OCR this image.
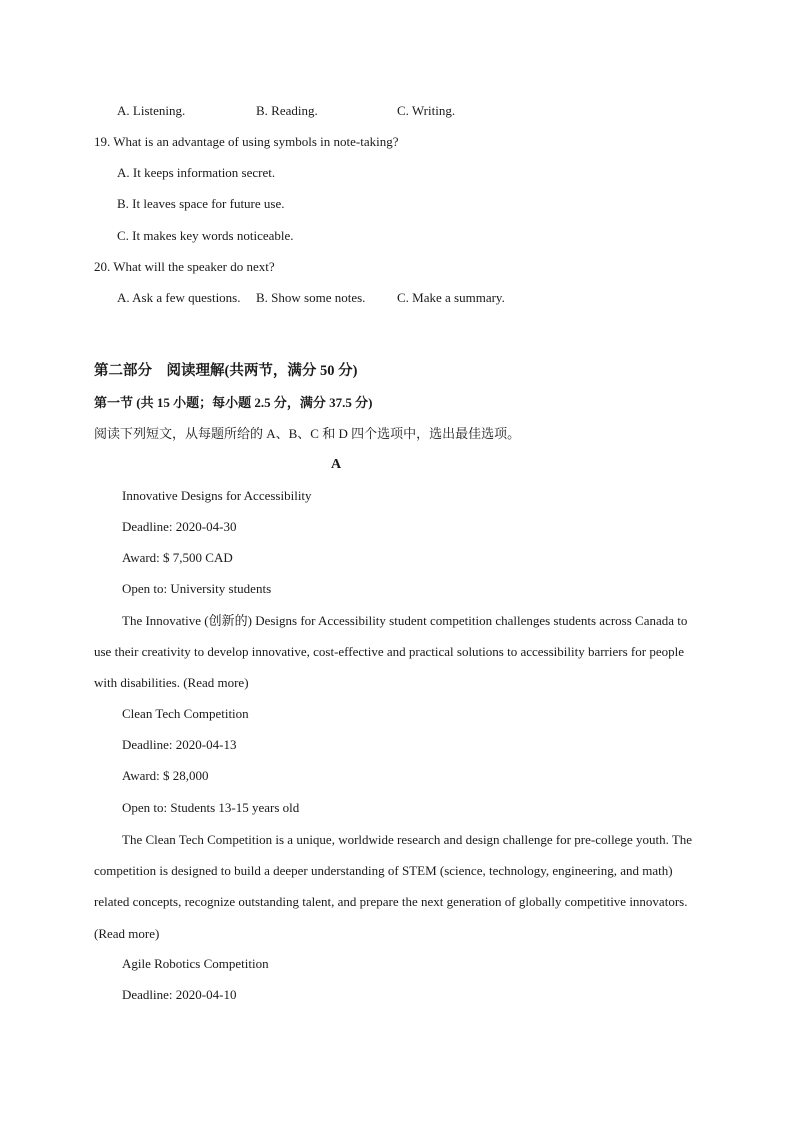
A. Listening.	B. Reading.	C. Writing.
19. What is an advantage of using symbols in note-taking?
A. It keeps information secret.
B. It leaves space for future use.
C. It makes key words noticeable.
20. What will the speaker do next?
A. Ask a few questions. B. Show some notes. C. Make a summary.
第二部分　阅读理解(共两节，满分 50 分)
第一节 (共 15 小题；每小题 2.5 分，满分 37.5 分)
阅读下列短文，从每题所给的 A、B、C 和 D 四个选项中，选出最佳选项。
A
Innovative Designs for Accessibility
Deadline: 2020-04-30
Award: $ 7,500 CAD
Open to: University students
The Innovative (创新的) Designs for Accessibility student competition challenges students across Canada to use their creativity to develop innovative, cost-effective and practical solutions to accessibility barriers for people with disabilities. (Read more)
Clean Tech Competition
Deadline: 2020-04-13
Award: $ 28,000
Open to: Students 13-15 years old
The Clean Tech Competition is a unique, worldwide research and design challenge for pre-college youth. The competition is designed to build a deeper understanding of STEM (science, technology, engineering, and math) related concepts, recognize outstanding talent, and prepare the next generation of globally competitive innovators. (Read more)
Agile Robotics Competition
Deadline: 2020-04-10
